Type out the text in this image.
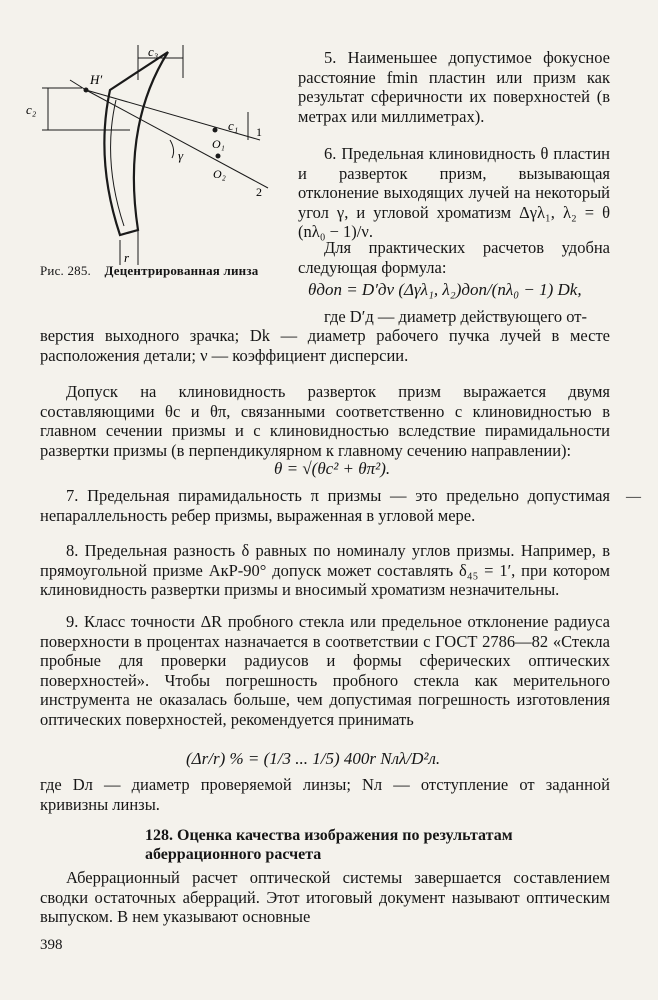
c₃
c₂
H′
O₁
O₂
c₁ 1
2
γ
r
Рис. 285. Децентрированная линза
5. Наименьшее допустимое фокусное расстояние fmin пластин или призм как результат сферичности их поверхностей (в метрах или миллиметрах).
6. Предельная клиновидность θ пластин и разверток призм, вызывающая отклонение выходящих лучей на некоторый угол γ, и угловой хроматизм Δγλ₁, λ₂ = θ (nλ₀ − 1)/ν.
Для практических расчетов удобна следующая формула:
θдоп = D′дν (Δγλ₁, λ₂)доп/(nλ₀ − 1) Dk,
где D′д — диаметр действующего от-
верстия выходного зрачка; Dk — диаметр рабочего пучка лучей в месте расположения детали; ν — коэффициент дисперсии.
Допуск на клиновидность разверток призм выражается двумя составляющими θc и θπ, связанными соответственно с клиновидностью в главном сечении призмы и с клиновидностью вследствие пирамидальности развертки призмы (в перпендикулярном к главному сечению направлении):
θ = √(θc² + θπ²).
7. Предельная пирамидальность π призмы — это предельно допустимая непараллельность ребер призмы, выраженная в угловой мере.
8. Предельная разность δ равных по номиналу углов призмы. Например, в прямоугольной призме АкР-90° допуск может составлять δ₄₅ = 1′, при котором клиновидность развертки призмы и вносимый хроматизм незначительны.
9. Класс точности ΔR пробного стекла или предельное отклонение радиуса поверхности в процентах назначается в соответствии с ГОСТ 2786—82 «Стекла пробные для проверки радиусов и формы сферических оптических поверхностей». Чтобы погрешность пробного стекла как мерительного инструмента не оказалась больше, чем допустимая погрешность изготовления оптических поверхностей, рекомендуется принимать
(Δr/r) % = (1/3 ... 1/5) 400r Nлλ/D²л.
где Dл — диаметр проверяемой линзы; Nл — отступление от заданной кривизны линзы.
128. Оценка качества изображения по результатам аберрационного расчета
Аберрационный расчет оптической системы завершается составлением сводки остаточных аберраций. Этот итоговый документ называют оптическим выпуском. В нем указывают основные
398
—
